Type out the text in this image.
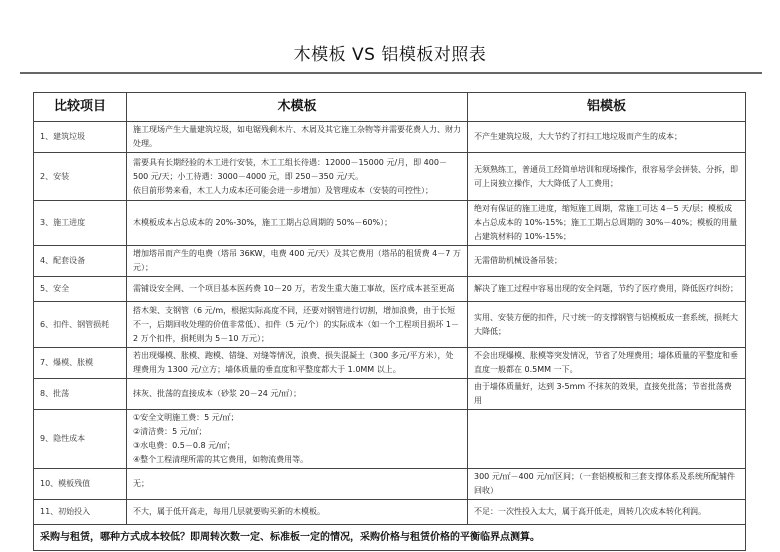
木模板 VS 铝模板对照表
比较项目	木模板	铝模板
1、建筑垃圾	施工现场产生大量建筑垃圾，如电锯残剩木片、木屑及其它施工杂物等并需要花费人力、财力处理。	不产生建筑垃圾，大大节约了打扫工地垃圾而产生的成本；

2、安装	需要具有长期经验的木工进行安装，木工工组长待遇：12000－15000 元/月，即 400－500 元/天；小工待遇：3000－4000 元，即 250－350 元/天。
依目前形势来看，木工人力成本还可能会进一步增加）及管理成本（安装的可控性）；	无须熟练工，普通员工经简单培训和现场操作，很容易学会拼装、分拆，即可上岗独立操作，大大降低了人工费用；

3、施工进度	木模板成本占总成本的 20%-30%，施工工期占总周期的 50%－60%）；	绝对有保证的施工进度，缩短施工周期，常施工可达 4－5 天/层；模板成本占总成本的 10%-15%；施工工期占总周期的 30%－40%；模板的用量占建筑材料的 10%-15%；

4、配套设备	增加塔吊而产生的电费（塔吊 36KW，电费 400 元/天）及其它费用（塔吊的租赁费 4－7 万元）；	无需借助机械设备吊装；

5、安全	需铺设安全网、一个项目基本医药费 10－20 万，若发生重大施工事故，医疗成本甚至更高	解决了施工过程中容易出现的安全问题，节约了医疗费用，降低医疗纠纷；

6、扣件、钢管损耗	搭木架、支钢管（6 元/m，根据实际高度不同，还要对钢管进行切割，增加浪费，由于长短不一，后期回收处理的价值非常低）、扣件（5 元/个）的实际成本（如一个工程项目损坏 1－2 万个扣件，损耗则为 5－10 万元）；	实用、安装方便的扣件，尺寸统一的支撑钢管与铝模板成一套系统，损耗大大降低；

7、爆模、胀模	若出现爆模、胀模、跑模、错缝、对缝等情况，浪费、损失混凝土（300 多元/平方米），处理费用为 1300 元/立方；墙体质量的垂直度和平整度都大于 1.0MM 以上。	不会出现爆模、胀模等突发情况，节省了处理费用；墙体质量的平整度和垂直度一般都在 0.5MM 一下。

8、批荡	抹灰、批荡的直接成本（砂浆 20－24 元/㎡）；	由于墙体质量好，达到 3-5mm 不抹灰的效果，直接免批荡；节省批荡费用

9、隐性成本	①安全文明施工费：5 元/㎡；
②清洁费：5 元/㎡；
③水电费：0.5－0.8 元/㎡；
④整个工程清理所需的其它费用，如物流费用等。	

10、模板残值	无；	300 元/㎡－400 元/㎡区间；（一套铝模板和三套支撑体系及系统所配辅件回收）

11、初始投入	不大，属于低开高走，每用几层就要购买新的木模板。	不足：一次性投入太大，属于高开低走，周转几次成本转化利润。

采购与租赁，哪种方式成本较低？即周转次数一定、标准板一定的情况，采购价格与租赁价格的平衡临界点测算。		
